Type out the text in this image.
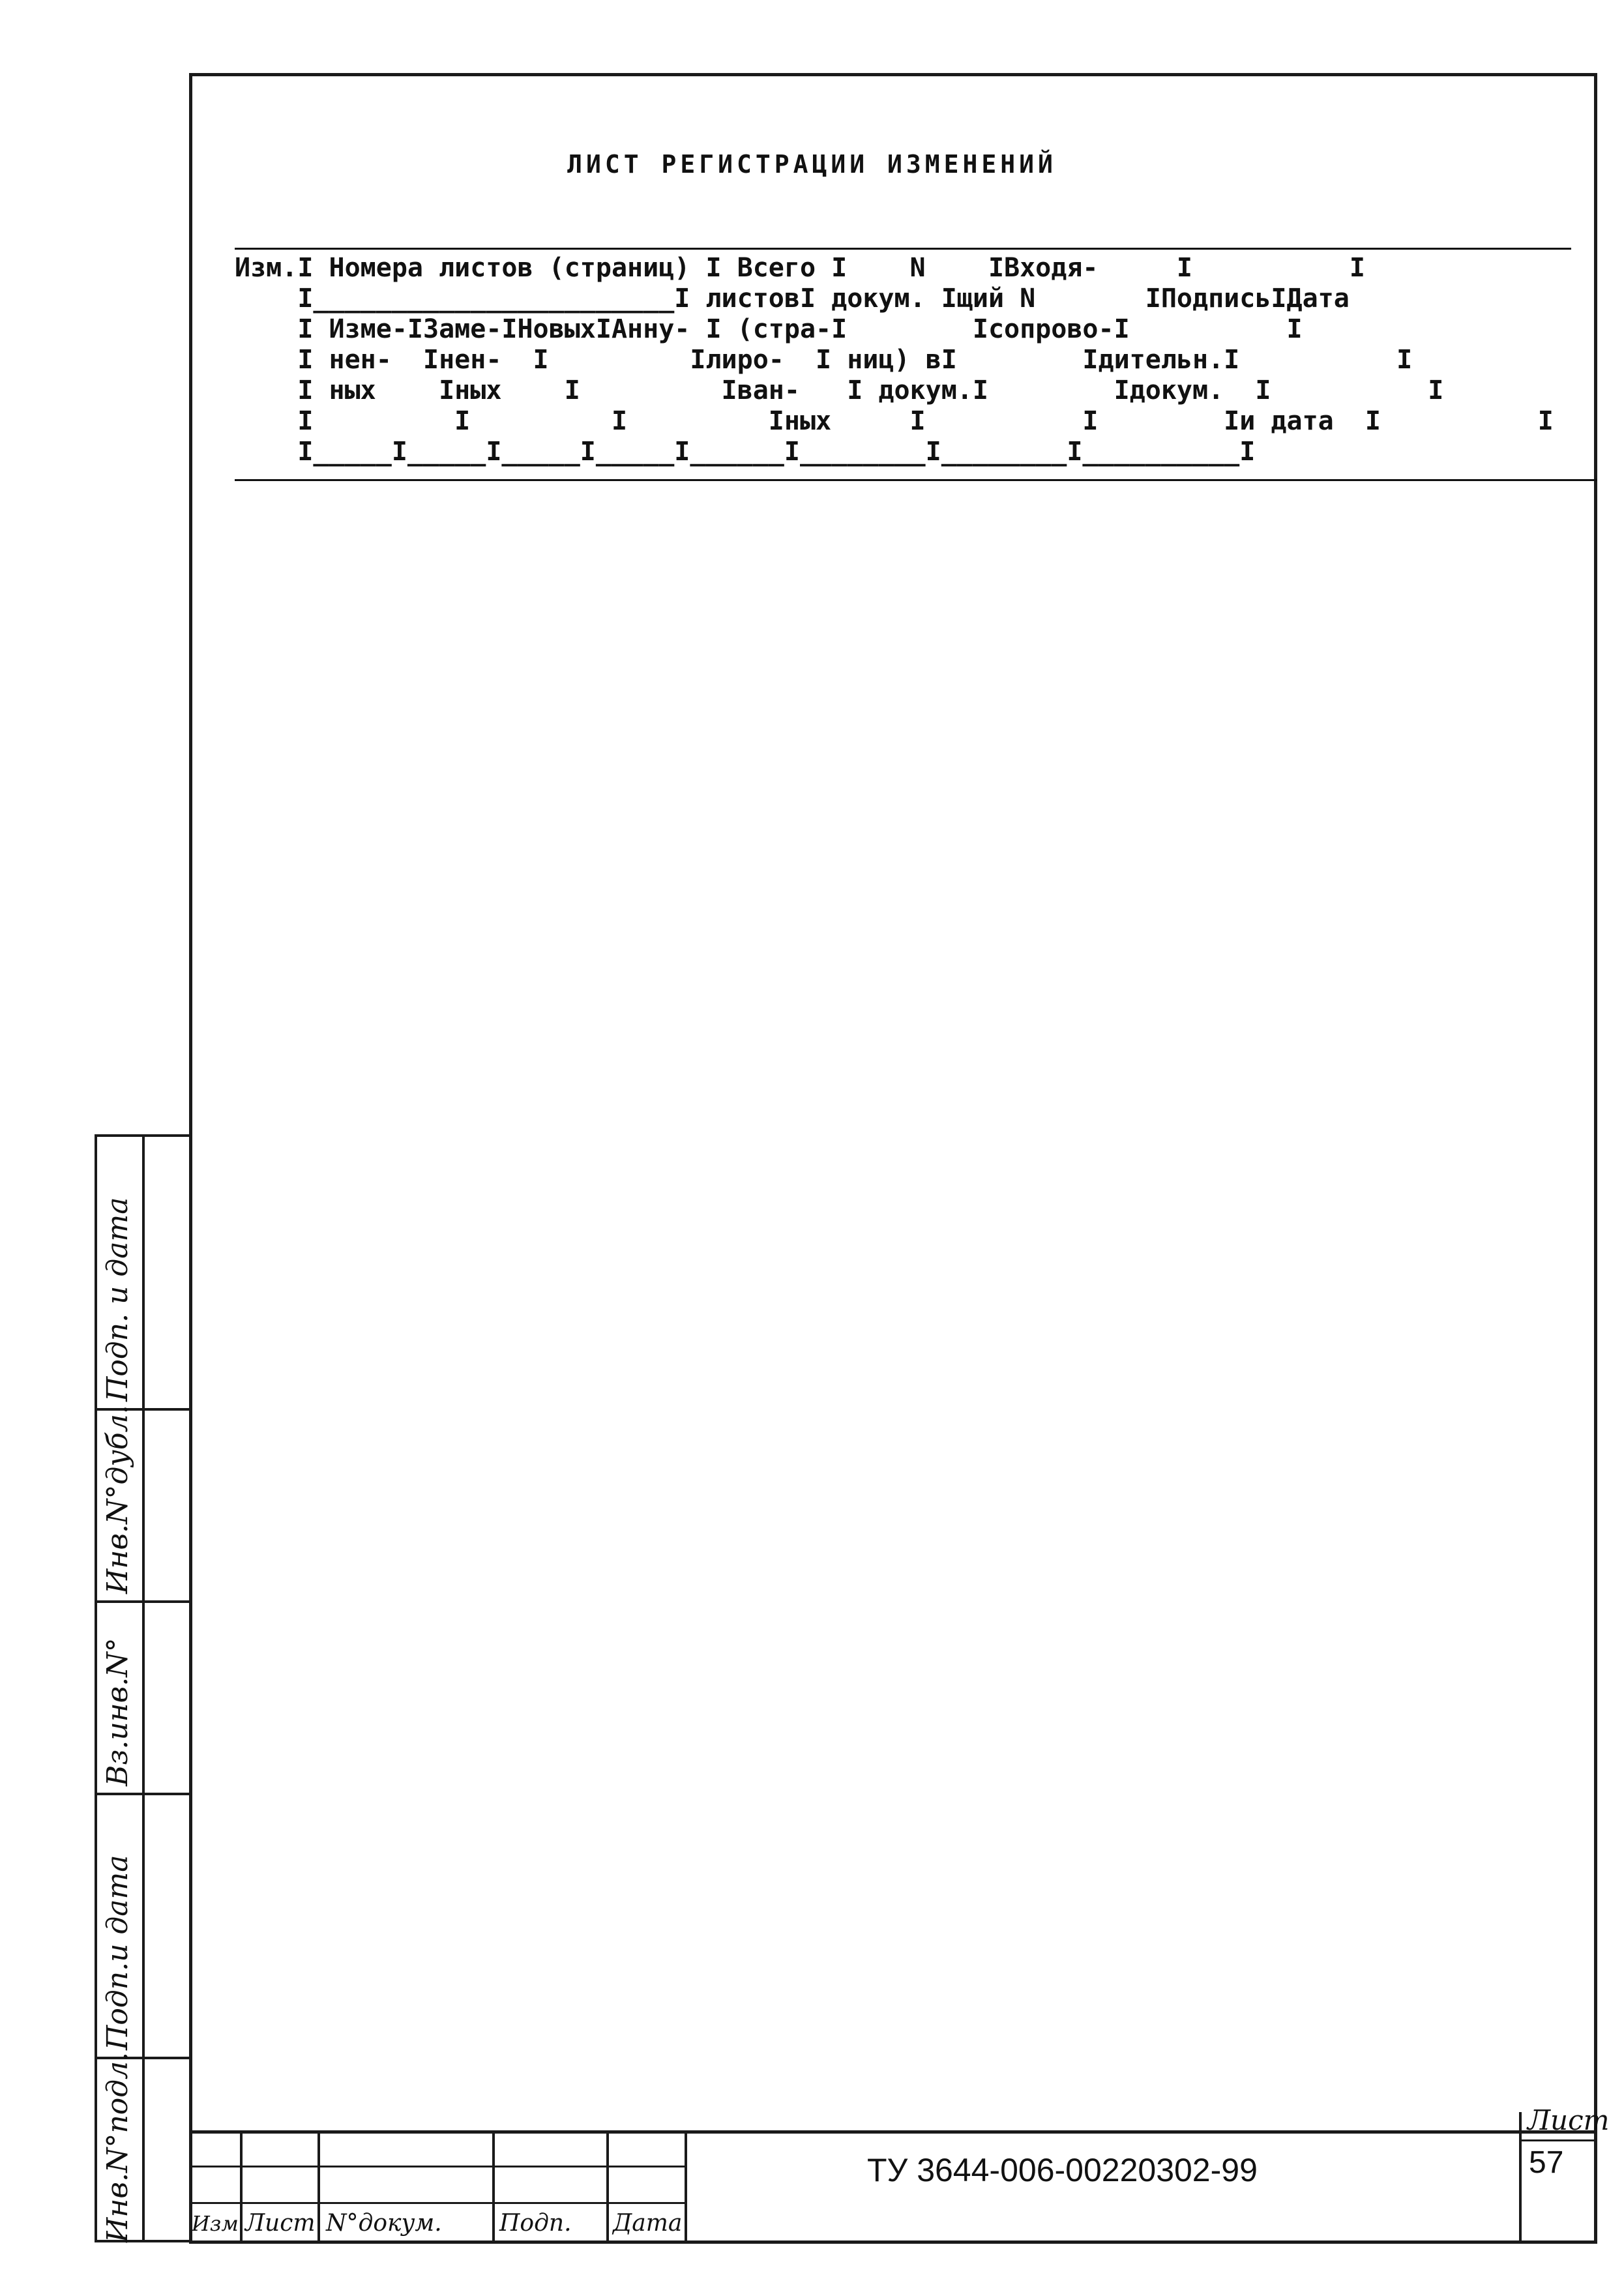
ЛИСТ РЕГИСТРАЦИИ ИЗМЕНЕНИЙ
Изм.I Номера листов (страниц) I Всего I    N    IВходя-     I          I
I_______________________I листовI докум. Iщий N       IПодписьIДата
I Изме-IЗаме-IНовыхIАнну- I (стра-I        Iсопрово-I          I
I нен-  Iнен-  I         Iлиро-  I ниц) вI        Iдительн.I          I
I ных    Iных    I         Iван-   I докум.I        Iдокум.  I          I
I         I         I         Iных     I          I        Iи дата  I          I
I_____I_____I_____I_____I______I________I________I__________I
Подп. и дата
Инв.N°дубл.
Вз.инв.N°
Подп.и дата
Инв.N°подл.	Изм Лист N°докум. Подп. Дата
ТУ 3644-006-00220302-99
Лист
57
